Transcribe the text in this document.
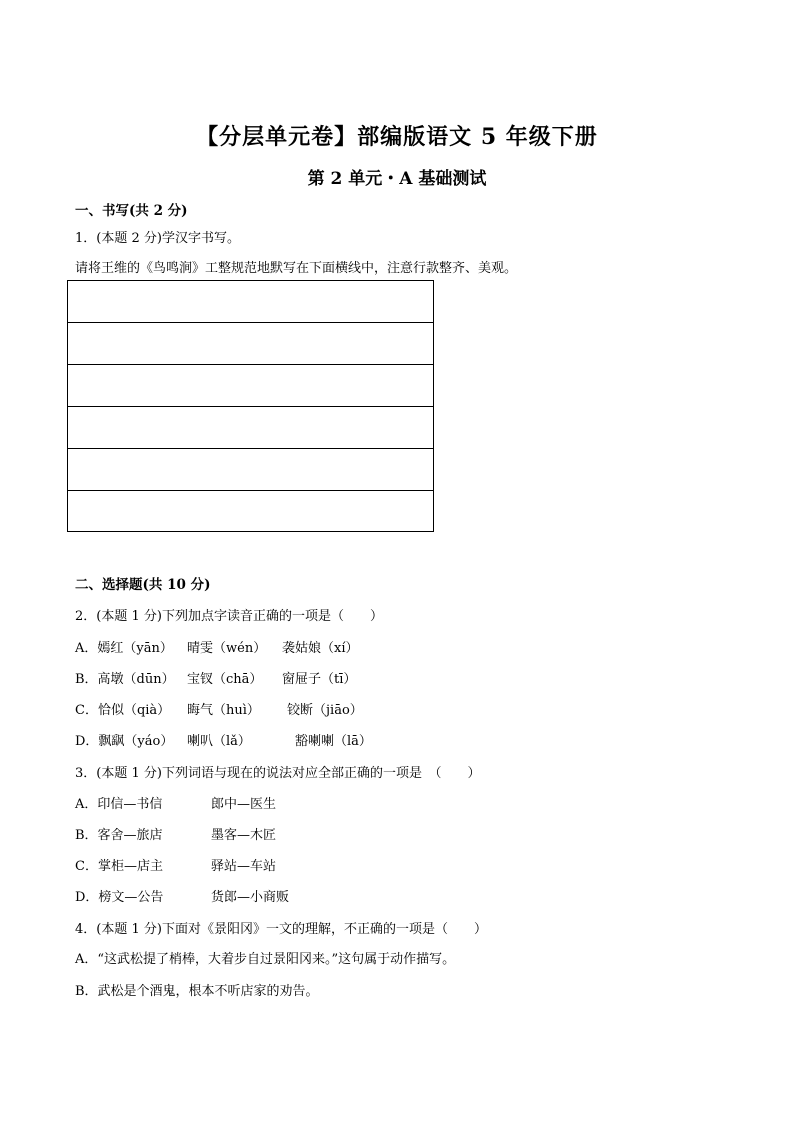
【分层单元卷】部编版语文 5 年级下册
第 2 单元・A 基础测试
一、书写(共 2 分)
1．(本题 2 分)学汉字书写。
请将王维的《鸟鸣涧》工整规范地默写在下面横线中，注意行款整齐、美观。
二、选择题(共 10 分)
2．(本题 1 分)下列加点字读音正确的一项是（　　）
A．嫣红（yān） 晴雯（wén） 袭姑娘（xí）
B．高墩（dūn） 宝钗（chā） 窗屉子（tī）
C．恰似（qià） 晦气（huì） 铰断（jiāo）
D．飘飖（yáo） 喇叭（lǎ）	豁喇喇（lā）
3．(本题 1 分)下列词语与现在的说法对应全部正确的一项是　（　　）
A．印信—书信	郎中—医生
B．客舍—旅店	墨客—木匠
C．掌柜—店主	驿站—车站
D．榜文—公告	货郎—小商贩
4．(本题 1 分)下面对《景阳冈》一文的理解，不正确的一项是（　　）
A．“这武松提了梢棒，大着步自过景阳冈来。”这句属于动作描写。
B．武松是个酒鬼，根本不听店家的劝告。
